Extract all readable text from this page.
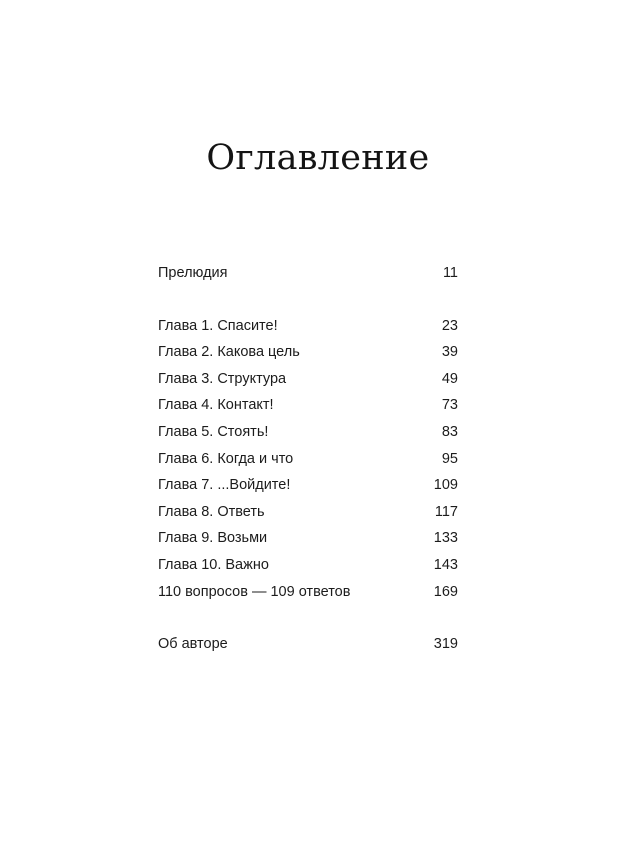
Оглавление
Прелюдия	11
Глава 1. Спасите!	23
Глава 2. Какова цель	39
Глава 3. Структура	49
Глава 4. Контакт!	73
Глава 5. Стоять!	83
Глава 6. Когда и что	95
Глава 7. ...Войдите!	109
Глава 8. Ответь	117
Глава 9. Возьми	133
Глава 10. Важно	143
110 вопросов — 109 ответов	169
Об авторе	319
